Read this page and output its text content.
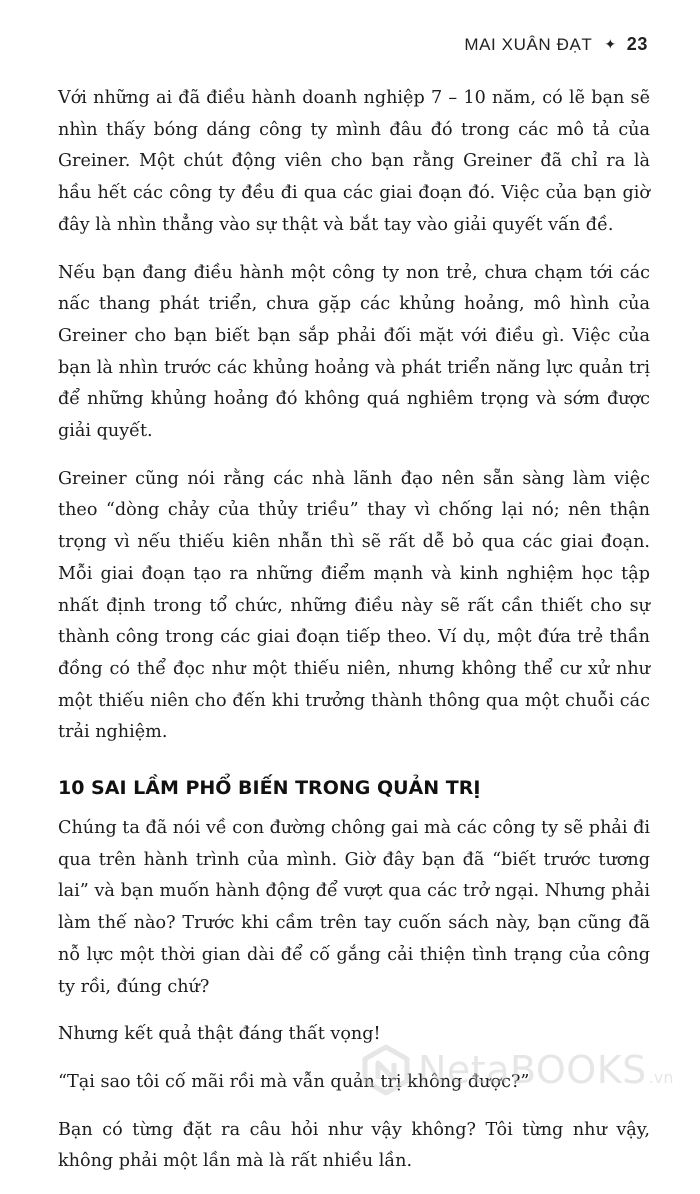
MAI XUÂN ĐẠT ✦ 23

Với những ai đã điều hành doanh nghiệp 7 – 10 năm, có lẽ bạn sẽ nhìn thấy bóng dáng công ty mình đâu đó trong các mô tả của Greiner. Một chút động viên cho bạn rằng Greiner đã chỉ ra là hầu hết các công ty đều đi qua các giai đoạn đó. Việc của bạn giờ đây là nhìn thẳng vào sự thật và bắt tay vào giải quyết vấn đề.

Nếu bạn đang điều hành một công ty non trẻ, chưa chạm tới các nấc thang phát triển, chưa gặp các khủng hoảng, mô hình của Greiner cho bạn biết bạn sắp phải đối mặt với điều gì. Việc của bạn là nhìn trước các khủng hoảng và phát triển năng lực quản trị để những khủng hoảng đó không quá nghiêm trọng và sớm được giải quyết.

Greiner cũng nói rằng các nhà lãnh đạo nên sẵn sàng làm việc theo “dòng chảy của thủy triều” thay vì chống lại nó; nên thận trọng vì nếu thiếu kiên nhẫn thì sẽ rất dễ bỏ qua các giai đoạn. Mỗi giai đoạn tạo ra những điểm mạnh và kinh nghiệm học tập nhất định trong tổ chức, những điều này sẽ rất cần thiết cho sự thành công trong các giai đoạn tiếp theo. Ví dụ, một đứa trẻ thần đồng có thể đọc như một thiếu niên, nhưng không thể cư xử như một thiếu niên cho đến khi trưởng thành thông qua một chuỗi các trải nghiệm.

10 SAI LẦM PHỔ BIẾN TRONG QUẢN TRỊ

Chúng ta đã nói về con đường chông gai mà các công ty sẽ phải đi qua trên hành trình của mình. Giờ đây bạn đã “biết trước tương lai” và bạn muốn hành động để vượt qua các trở ngại. Nhưng phải làm thế nào? Trước khi cầm trên tay cuốn sách này, bạn cũng đã nỗ lực một thời gian dài để cố gắng cải thiện tình trạng của công ty rồi, đúng chứ?

Nhưng kết quả thật đáng thất vọng!

“Tại sao tôi cố mãi rồi mà vẫn quản trị không được?”

Bạn có từng đặt ra câu hỏi như vậy không? Tôi từng như vậy, không phải một lần mà là rất nhiều lần.

NetaBOOKS .vn
